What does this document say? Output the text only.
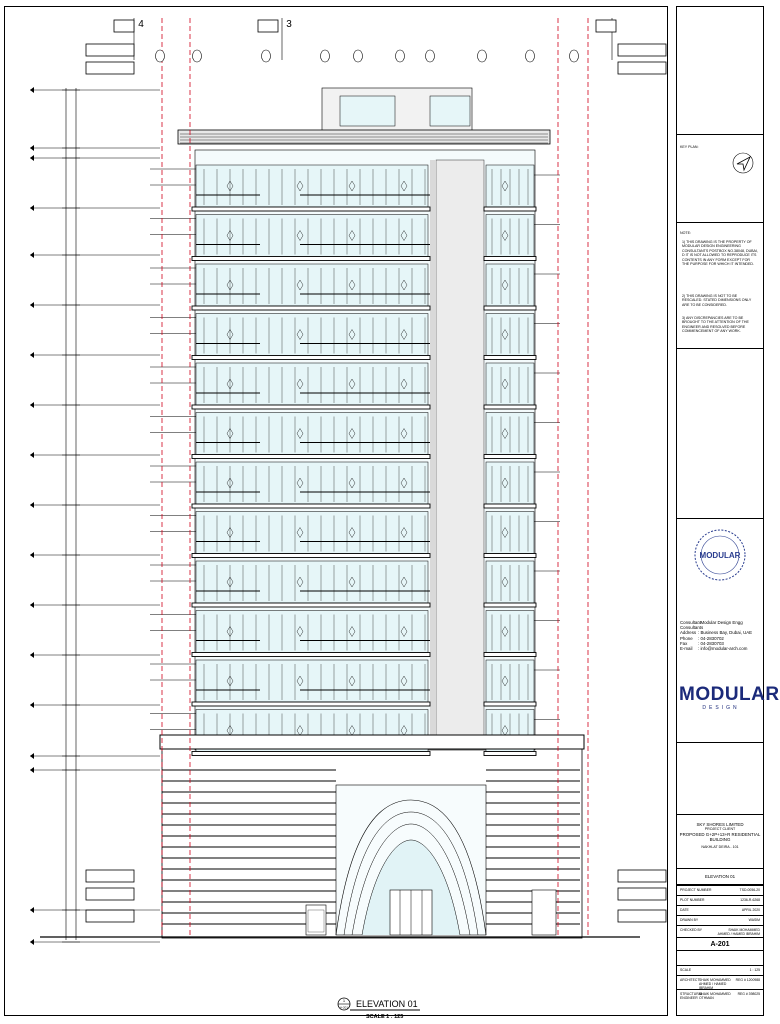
4	3
1
A-201 ELEVATION 01
SCALE 1 : 125
KEY PLAN:
NOTE:
1) THIS DRAWING IS THE PROPERTY OF MODULAR DESIGN ENGINEERING CONSULTANTS POSTBOX NO.38048, DUBAI, D IT IS NOT ALLOWED TO REPRODUCE ITS CONTENTS IN ANY FORM EXCEPT FOR THE PURPOSE FOR WHICH IT INTENDED.
2) THIS DRAWING IS NOT TO BE RESCALED. STATED DIMENSIONS ONLY ARE TO BE CONSIDERED.
3) ANY DISCREPANCIES ARE TO BE BROUGHT TO THE ATTENTION OF THE ENGINEER AND RESOLVED BEFORE COMMENCEMENT OF ANY WORK.
MODULAR
Consultant: Modular Design Engg Consultants
Address : Business Bay, Dubai, UAE
Phone : 04-2830702
Fax : 04-2830703
E-mail : info@modular-arch.com
MODULAR
DESIGN
SKY SHORES LIMITED
PROJECT CLIENT
PROPOSED G+2P+13+R RESIDENTIAL
BUILDING
NAKHLAT DEIRA - 101
ELEVATION 01
PROJECT NUMBER	TSD-0056-20
PLOT NUMBER	1236-R-6268
DATE	APRIL 2020
DRAWN BY	WASIM
CHECKED BY	SHAIK MOHAMMED AHMED / HAMED IBRAHIM
A-201
SCALE	1 : 125
ARCHITECT SHAIK MOHAMMED AHMED / HAMED IBRAHIM
REG # 1200988
STRUCTURAL ENGINEER
SHAIK MOHAMMED OTHMAN
REG # 398025
